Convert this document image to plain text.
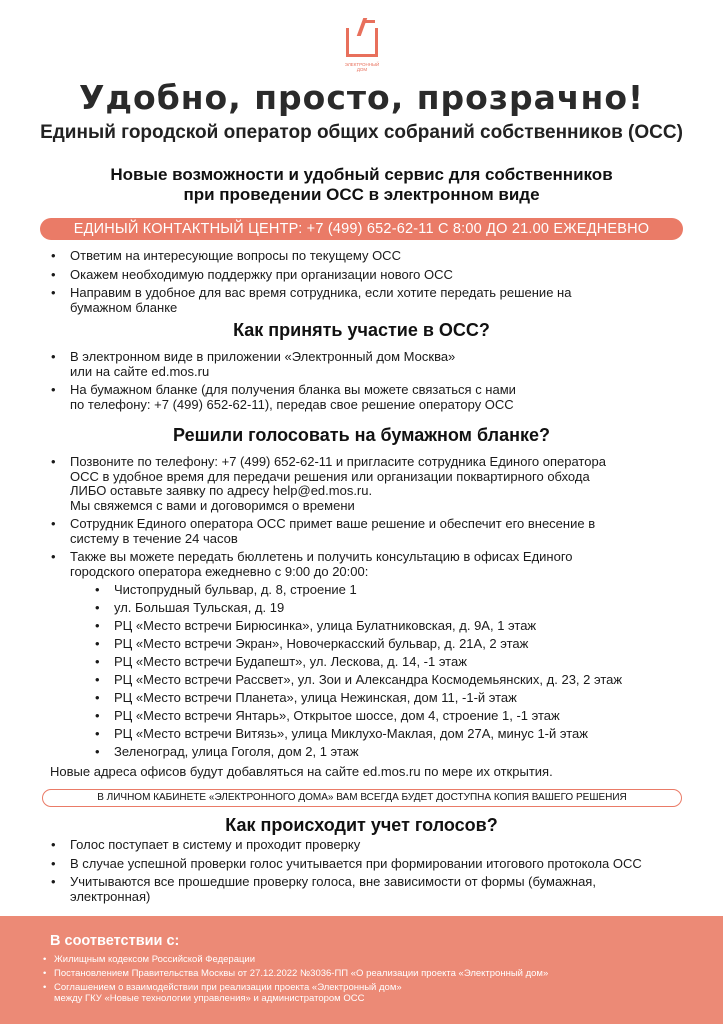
ЭЛЕКТРОННЫЙ ДОМ
Удобно, просто, прозрачно!
Единый городской оператор общих собраний собственников (ОСС)
Новые возможности и удобный сервис для собственников
при проведении ОСС в электронном виде
ЕДИНЫЙ КОНТАКТНЫЙ ЦЕНТР: +7 (499) 652-62-11 С 8:00 ДО 21.00 ЕЖЕДНЕВНО
• Ответим на интересующие вопросы по текущему ОСС
• Окажем необходимую поддержку при организации нового ОСС
• Направим в удобное для вас время сотрудника, если хотите передать решение на
бумажном бланке
Как принять участие в ОСС?
• В электронном виде в приложении «Электронный дом Москва»
или на сайте ed.mos.ru
• На бумажном бланке (для получения бланка вы можете связаться с нами
по телефону: +7 (499) 652-62-11), передав свое решение оператору ОСС
Решили голосовать на бумажном бланке?
• Позвоните по телефону: +7 (499) 652-62-11 и пригласите сотрудника Единого оператора
ОСС в удобное время для передачи решения или организации поквартирного обхода
ЛИБО оставьте заявку по адресу help@ed.mos.ru.
Мы свяжемся с вами и договоримся о времени
• Сотрудник Единого оператора ОСС примет ваше решение и обеспечит его внесение в
систему в течение 24 часов
• Также вы можете передать бюллетень и получить консультацию в офисах Единого
городского оператора ежедневно с 9:00 до 20:00:
• Чистопрудный бульвар, д. 8, строение 1
• ул. Большая Тульская, д. 19
• РЦ «Место встречи Бирюсинка», улица Булатниковская, д. 9А, 1 этаж
• РЦ «Место встречи Экран», Новочеркасский бульвар, д. 21А, 2 этаж
• РЦ «Место встречи Будапешт», ул. Лескова, д. 14, -1 этаж
• РЦ «Место встречи Рассвет», ул. Зои и Александра Космодемьянских, д. 23, 2 этаж
• РЦ «Место встречи Планета», улица Нежинская, дом 11, -1-й этаж
• РЦ «Место встречи Янтарь», Открытое шоссе, дом 4, строение 1, -1 этаж
• РЦ «Место встречи Витязь», улица Миклухо-Маклая, дом 27А, минус 1-й этаж
• Зеленоград, улица Гоголя, дом 2, 1 этаж
Новые адреса офисов будут добавляться на сайте ed.mos.ru по мере их открытия.
В ЛИЧНОМ КАБИНЕТЕ «ЭЛЕКТРОННОГО ДОМА» ВАМ ВСЕГДА БУДЕТ ДОСТУПНА КОПИЯ ВАШЕГО РЕШЕНИЯ
Как происходит учет голосов?
• Голос поступает в систему и проходит проверку
• В случае успешной проверки голос учитывается при формировании итогового протокола ОСС
• Учитываются все прошедшие проверку голоса, вне зависимости от формы (бумажная,
электронная)
В соответствии с:
• Жилищным кодексом Российской Федерации
• Постановлением Правительства Москвы от 27.12.2022 №3036-ПП «О реализации проекта «Электронный дом»
• Соглашением о взаимодействии при реализации проекта «Электронный дом»
между ГКУ «Новые технологии управления» и администратором ОСС
